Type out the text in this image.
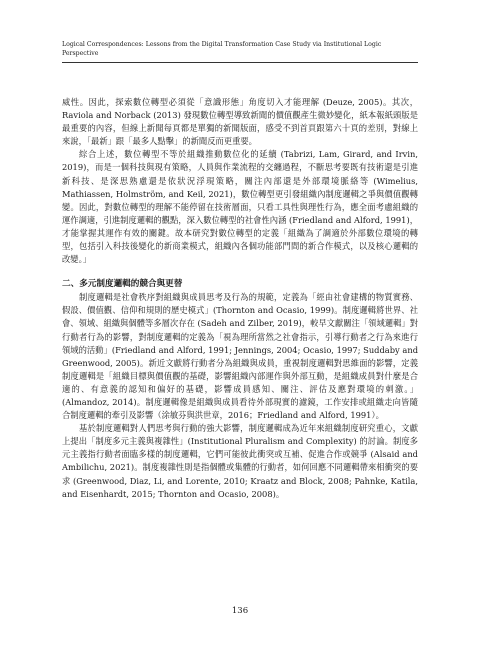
Logical Correspondences: Lessons from the Digital Transformation Case Study via Institutional Logic Perspective

威性。因此，探索數位轉型必須從「意識形態」角度切入才能理解 (Deuze, 2005)。其次，Raviola and Norback (2013) 發現數位轉型導致新聞的價值觀產生微妙變化，紙本報紙頭版是最重要的內容，但線上新聞每頁都是單獨的新聞版面，感受不到首頁跟第六十頁的差別，對線上來說，「最新」跟「最多人點擊」的新聞反而更重要。

綜合上述，數位轉型不等於組織推動數位化的延續 (Tabrizi, Lam, Girard, and Irvin, 2019)，而是一個科技與現有策略，人員與作業流程的交纏過程，不斷思考要既有技術還是引進新科技、是深思熟慮還是依狀況浮現策略，關注內部還是外部環境脈絡等 (Wimelius, Mathiassen, Holmström, and Keil, 2021)，數位轉型更引發組織內制度邏輯之爭與價值觀轉變。因此，對數位轉型的理解不能停留在技術層面，只看工具性與理性行為，應全面考慮組織的運作調適，引進制度邏輯的觀點，深入數位轉型的社會性內涵 (Friedland and Alford, 1991)，才能掌握其運作有效的關鍵。故本研究對數位轉型的定義「組織為了調適於外部數位環境的轉型，包括引入科技後變化的新商業模式，組織內各個功能部門間的新合作模式，以及核心邏輯的改變。」

二、多元制度邏輯的競合與更替

制度邏輯是社會秩序對組織與成員思考及行為的規範，定義為「經由社會建構的物質實務、假設、價值觀、信仰和規則的歷史模式」(Thornton and Ocasio, 1999)。制度邏輯將世界、社會、領域、組織與個體等多層次存在 (Sadeh and Zilber, 2019)，較早文獻關注「領域邏輯」對行動者行為的影響，對制度邏輯的定義為「視為理所當然之社會指示，引導行動者之行為來進行領域的活動」(Friedland and Alford, 1991; Jennings, 2004; Ocasio, 1997; Suddaby and Greenwood, 2005)。新近文獻將行動者分為組織與成員，重視制度邏輯對思維面的影響，定義制度邏輯是「組織目標與價值觀的基礎，影響組織內部運作與外部互動，是組織成員對什麼是合適的、有意義的認知和偏好的基礎，影響成員感知、關注、評估及應對環境的刺激。」(Almandoz, 2014)。制度邏輯像是組織與成員看待外部現實的濾鏡，工作安排或組織走向皆隨合制度邏輯的牽引及影響（涂敏芬與洪世章，2016；Friedland and Alford, 1991）。

基於制度邏輯對人們思考與行動的強大影響，制度邏輯成為近年來組織制度研究重心，文獻上提出「制度多元主義與複雜性」(Institutional Pluralism and Complexity) 的討論。制度多元主義指行動者面臨多樣的制度邏輯，它們可能彼此衝突或互補、促進合作或競爭 (Alsaid and Ambilichu, 2021)。制度複雜性則是指個體或集體的行動者，如何回應不同邏輯帶來相衝突的要求 (Greenwood, Diaz, Li, and Lorente, 2010; Kraatz and Block, 2008; Pahnke, Katila, and Eisenhardt, 2015; Thornton and Ocasio, 2008)。

136
